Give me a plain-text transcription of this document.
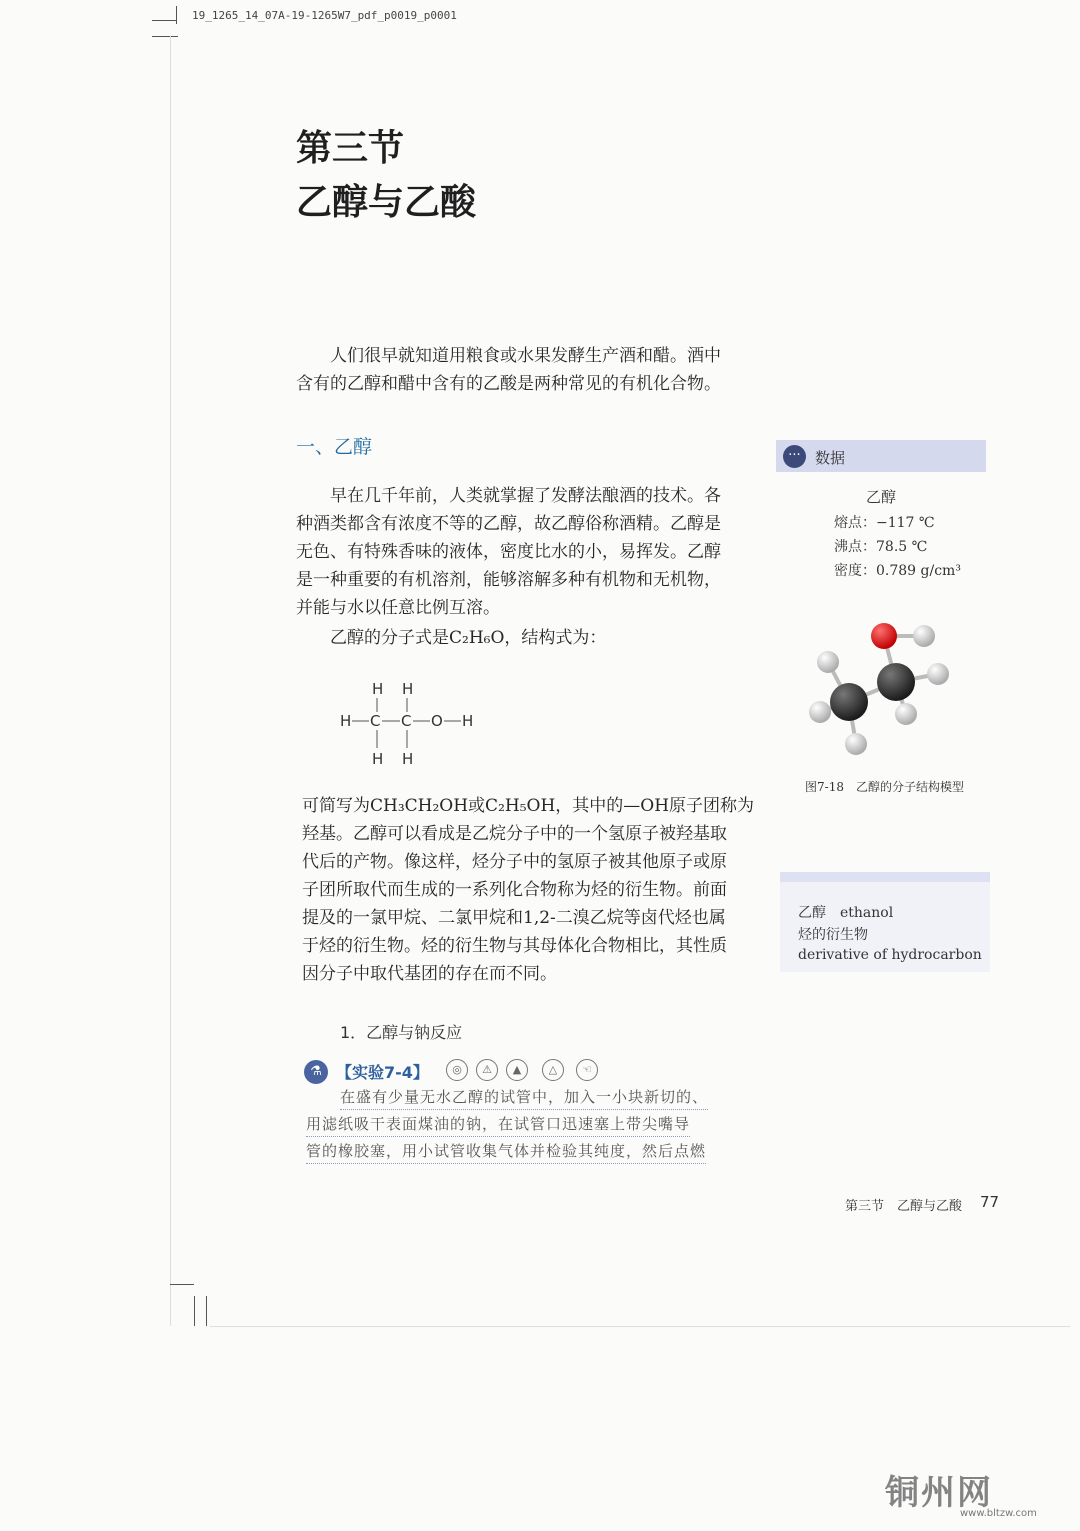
19_1265_14_07A-19-1265W7_pdf_p0019_p0001
第三节
乙醇与乙酸

人们很早就知道用粮食或水果发酵生产酒和醋。酒中

含有的乙醇和醋中含有的乙酸是两种常见的有机化合物。

一、乙醇

早在几千年前，人类就掌握了发酵法酿酒的技术。各

种酒类都含有浓度不等的乙醇，故乙醇俗称酒精。乙醇是

无色、有特殊香味的液体，密度比水的小，易挥发。乙醇

是一种重要的有机溶剂，能够溶解多种有机物和无机物，

并能与水以任意比例互溶。

乙醇的分子式是C₂H₆O，结构式为：

H H
H C C O H
H H

可简写为CH₃CH₂OH或C₂H₅OH，其中的—OH原子团称为

羟基。乙醇可以看成是乙烷分子中的一个氢原子被羟基取

代后的产物。像这样，烃分子中的氢原子被其他原子或原

子团所取代而生成的一系列化合物称为烃的衍生物。前面

提及的一氯甲烷、二氯甲烷和1,2-二溴乙烷等卤代烃也属

于烃的衍生物。烃的衍生物与其母体化合物相比，其性质

因分子中取代基团的存在而不同。

··· 数据
乙醇
熔点：−117 ℃
沸点：78.5 ℃
密度：0.789 g/cm³
图7-18　乙醇的分子结构模型
乙醇　ethanol
烃的衍生物
derivative of hydrocarbon
1．乙醇与钠反应
⚗ 【实验7-4】	◎	⚠	▲	△	☜
在盛有少量无水乙醇的试管中，加入一小块新切的、
用滤纸吸干表面煤油的钠，在试管口迅速塞上带尖嘴导
管的橡胶塞，用小试管收集气体并检验其纯度，然后点燃
第三节　乙醇与乙酸 77
铜州网
www.bltzw.com
